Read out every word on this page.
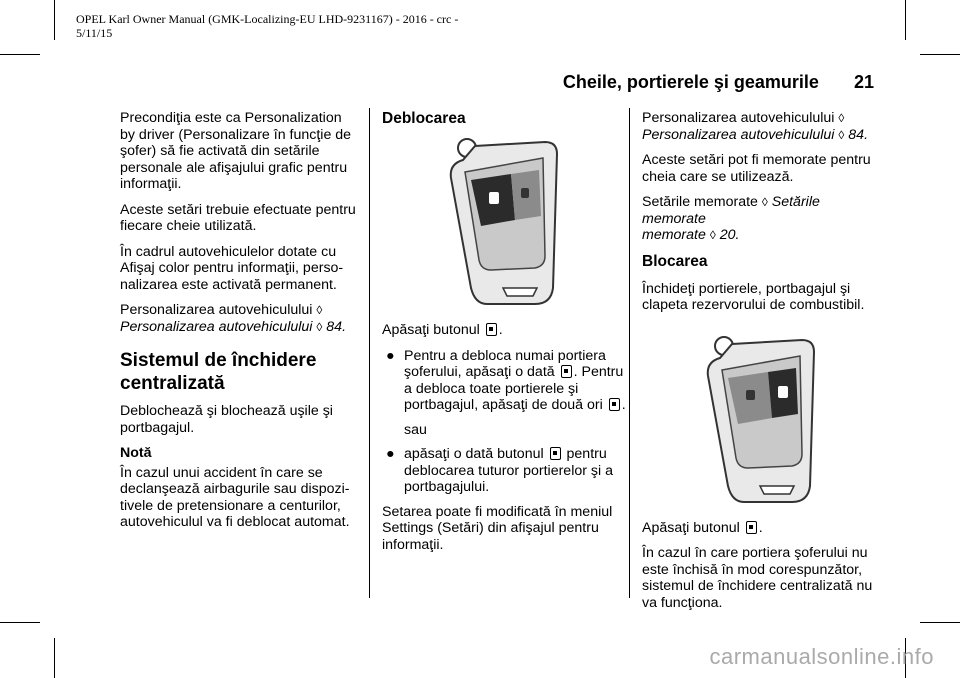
OPEL Karl Owner Manual (GMK-Localizing-EU LHD-9231167) - 2016 - crc -
5/11/15
Cheile, portierele şi geamurile 21

Precondiţia este ca Personalization by driver (Personalizare în funcţie de şofer) să fie activată din setările personale ale afişajului grafic pentru informaţii.

Aceste setări trebuie efectuate pentru fiecare cheie utilizată.

În cadrul autovehiculelor dotate cu Afişaj color pentru informaţii, perso- nalizarea este activată permanent.

Personalizarea autovehiculului ◊
Personalizarea autovehiculului ◊ 84.

Sistemul de închidere centralizată

Deblochează şi blochează uşile şi portbagajul.

Notă

În cazul unui accident în care se declanşează airbagurile sau dispozi- tivele de pretensionare a centurilor, autovehiculul va fi deblocat automat.

Deblocarea

Apăsaţi butonul .

● Pentru a debloca numai portiera şoferului, apăsaţi o dată . Pentru a debloca toate portierele şi portbagajul, apăsaţi de două ori .
sau
● apăsaţi o dată butonul pentru deblocarea tuturor portierelor şi a portbagajului.

Setarea poate fi modificată în meniul Settings (Setări) din afişajul pentru informaţii.

Personalizarea autovehiculului ◊
Personalizarea autovehiculului ◊ 84.

Aceste setări pot fi memorate pentru cheia care se utilizează.

Setările memorate ◊ Setările memorate
memorate ◊ 20.

Blocarea

Închideţi portierele, portbagajul şi clapeta rezervorului de combustibil.

Apăsaţi butonul .

În cazul în care portiera şoferului nu este închisă în mod corespunzător, sistemul de închidere centralizată nu va funcţiona.

carmanualsonline.info
